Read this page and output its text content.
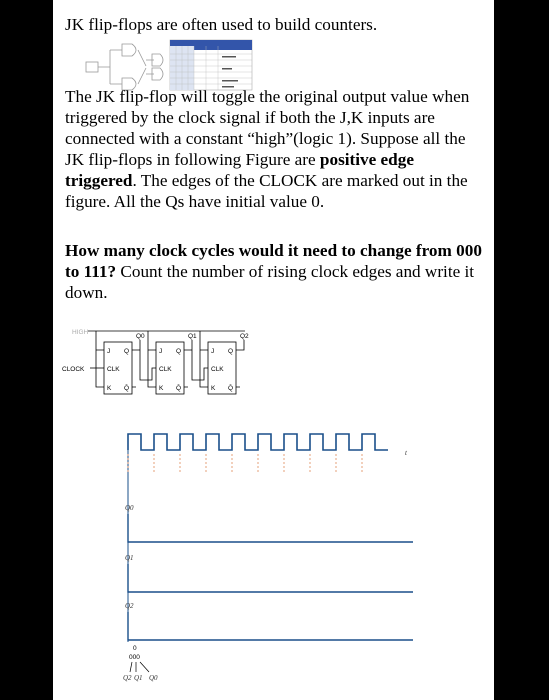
JK flip-flops are often used to build counters.

The JK flip-flop will toggle the original output value when triggered by the clock signal if both the J,K inputs are connected with a constant “high”(logic 1). Suppose all the JK flip-flops in following Figure are positive edge triggered. The edges of the CLOCK are marked out in the figure. All the Qs have initial value 0.

How many clock cycles would it need to change from 000 to 111? Count the number of rising clock edges and write it down.

HIGH
CLOCK
J
CLK
K
Q
Q̄
Q0
J
CLK
K
Q
Q̄
Q1
J
CLK
K
Q
Q̄
Q2
t
Q0
Q1
Q2
0
000
Q2 Q1 Q0
